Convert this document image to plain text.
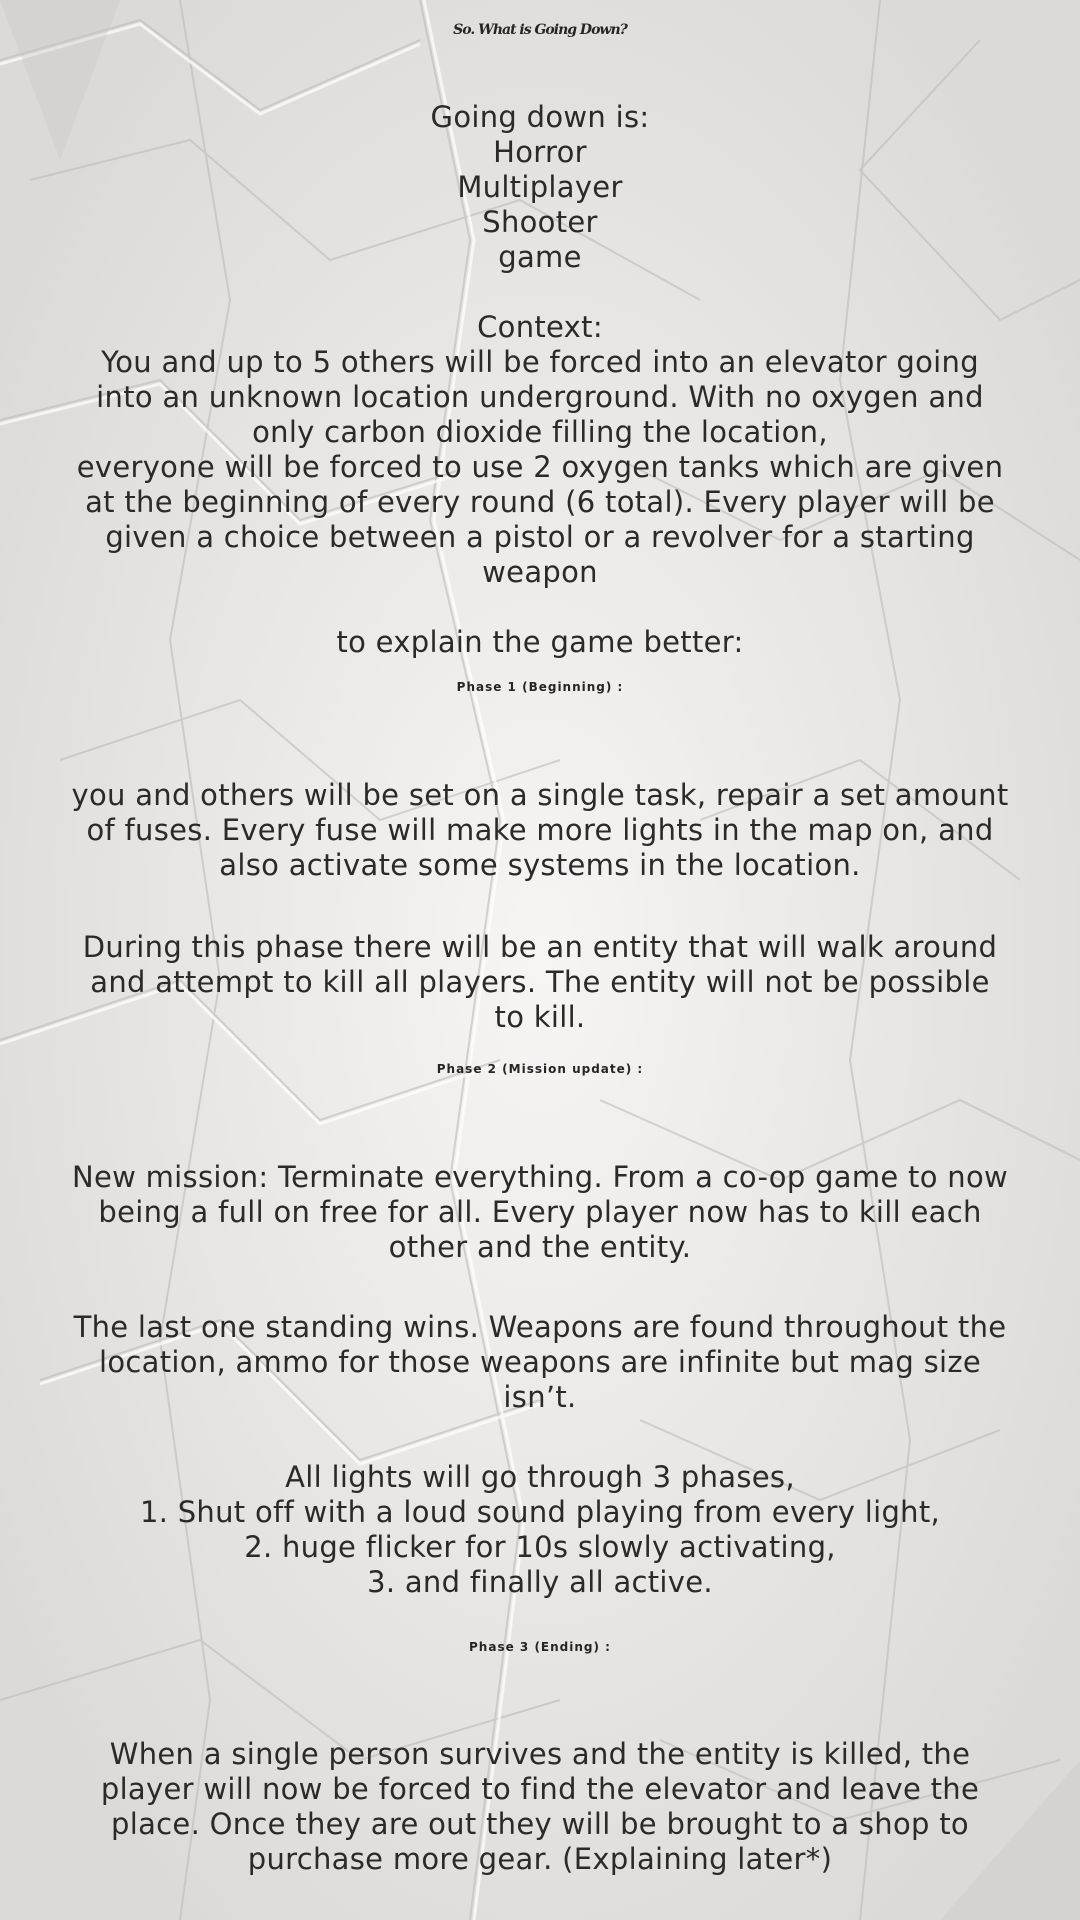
So. What is Going Down?
Going down is:
Horror
Multiplayer
Shooter
game
Context:
You and up to 5 others will be forced into an elevator going
into an unknown location underground. With no oxygen and
only carbon dioxide filling the location,
everyone will be forced to use 2 oxygen tanks which are given
at the beginning of every round (6 total). Every player will be
given a choice between a pistol or a revolver for a starting
weapon
to explain the game better:
Phase 1 (Beginning) :
you and others will be set on a single task, repair a set amount
of fuses. Every fuse will make more lights in the map on, and
also activate some systems in the location.
During this phase there will be an entity that will walk around
and attempt to kill all players. The entity will not be possible
to kill.
Phase 2 (Mission update) :
New mission: Terminate everything. From a co-op game to now
being a full on free for all. Every player now has to kill each
other and the entity.
The last one standing wins. Weapons are found throughout the
location, ammo for those weapons are infinite but mag size
isn’t.
All lights will go through 3 phases,
1. Shut off with a loud sound playing from every light,
2. huge flicker for 10s slowly activating,
3. and finally all active.
Phase 3 (Ending) :
When a single person survives and the entity is killed, the
player will now be forced to find the elevator and leave the
place. Once they are out they will be brought to a shop to
purchase more gear. (Explaining later*)
